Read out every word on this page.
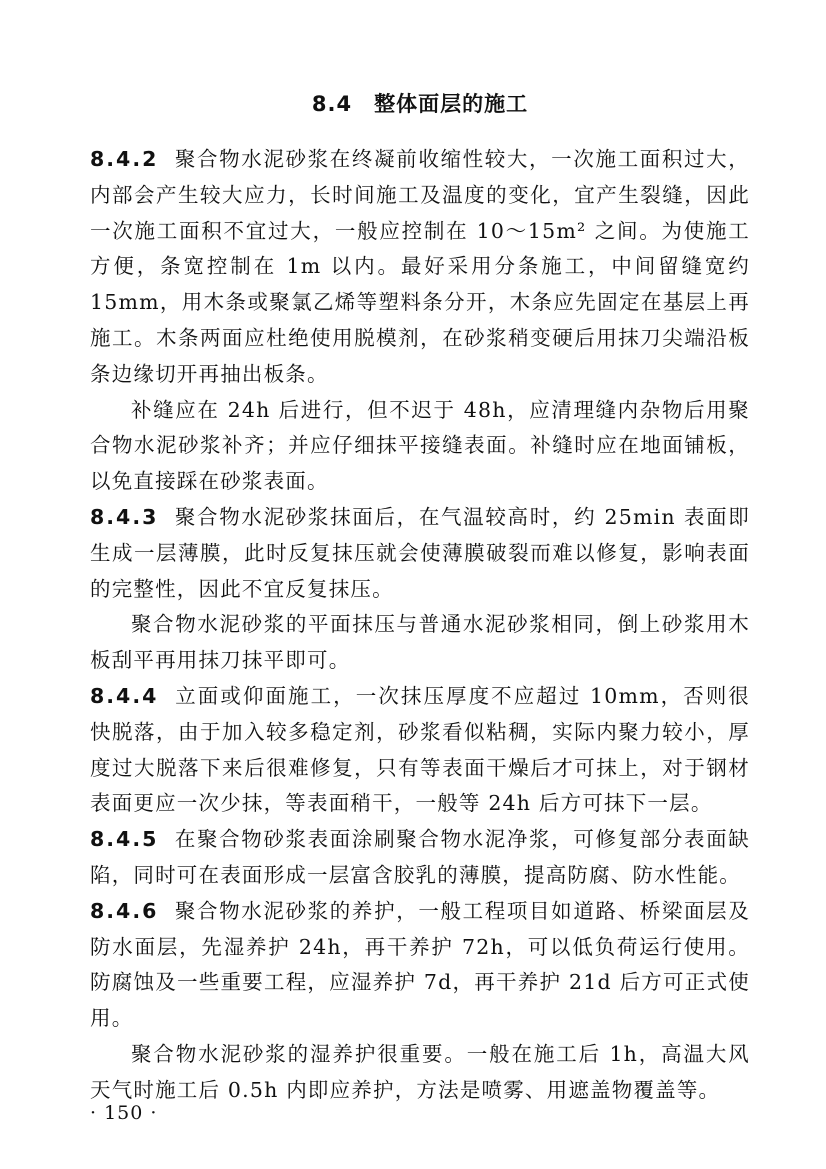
8.4 整体面层的施工
8.4.2 聚合物水泥砂浆在终凝前收缩性较大，一次施工面积过大，内部会产生较大应力，长时间施工及温度的变化，宜产生裂缝，因此一次施工面积不宜过大，一般应控制在 10～15m² 之间。为使施工方便，条宽控制在 1m 以内。最好采用分条施工，中间留缝宽约 15mm，用木条或聚氯乙烯等塑料条分开，木条应先固定在基层上再施工。木条两面应杜绝使用脱模剂，在砂浆稍变硬后用抹刀尖端沿板条边缘切开再抽出板条。
补缝应在 24h 后进行，但不迟于 48h，应清理缝内杂物后用聚合物水泥砂浆补齐；并应仔细抹平接缝表面。补缝时应在地面铺板，以免直接踩在砂浆表面。
8.4.3 聚合物水泥砂浆抹面后，在气温较高时，约 25min 表面即生成一层薄膜，此时反复抹压就会使薄膜破裂而难以修复，影响表面的完整性，因此不宜反复抹压。
聚合物水泥砂浆的平面抹压与普通水泥砂浆相同，倒上砂浆用木板刮平再用抹刀抹平即可。
8.4.4 立面或仰面施工，一次抹压厚度不应超过 10mm，否则很快脱落，由于加入较多稳定剂，砂浆看似粘稠，实际内聚力较小，厚度过大脱落下来后很难修复，只有等表面干燥后才可抹上，对于钢材表面更应一次少抹，等表面稍干，一般等 24h 后方可抹下一层。
8.4.5 在聚合物砂浆表面涂刷聚合物水泥净浆，可修复部分表面缺陷，同时可在表面形成一层富含胶乳的薄膜，提高防腐、防水性能。
8.4.6 聚合物水泥砂浆的养护，一般工程项目如道路、桥梁面层及防水面层，先湿养护 24h，再干养护 72h，可以低负荷运行使用。防腐蚀及一些重要工程，应湿养护 7d，再干养护 21d 后方可正式使用。
聚合物水泥砂浆的湿养护很重要。一般在施工后 1h，高温大风天气时施工后 0.5h 内即应养护，方法是喷雾、用遮盖物覆盖等。
· 150 ·
